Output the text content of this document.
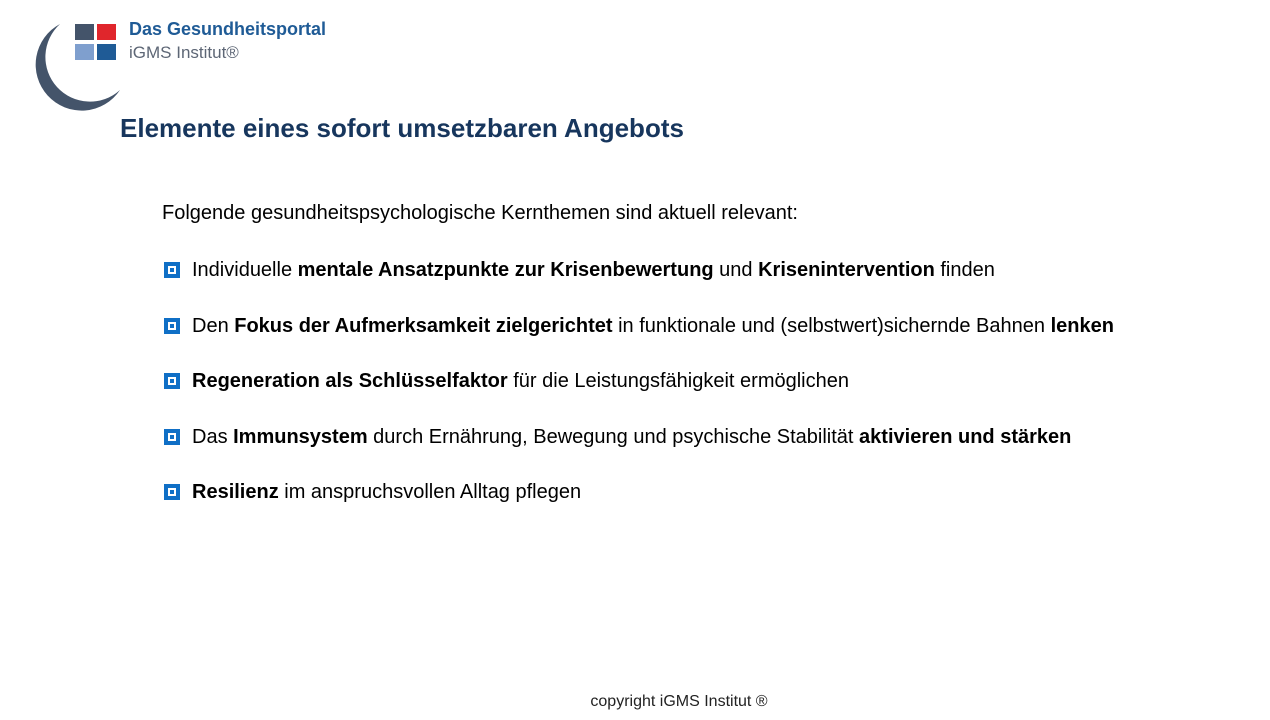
Das Gesundheitsportal
iGMS Institut®
Elemente eines sofort umsetzbaren Angebots
Folgende gesundheitspsychologische Kernthemen sind aktuell relevant:
Individuelle mentale Ansatzpunkte zur Krisenbewertung und Krisenintervention finden
Den Fokus der Aufmerksamkeit zielgerichtet in funktionale und (selbstwert)sichernde Bahnen lenken
Regeneration als Schlüsselfaktor für die Leistungsfähigkeit ermöglichen
Das Immunsystem durch Ernährung, Bewegung und psychische Stabilität aktivieren und stärken
Resilienz im anspruchsvollen Alltag pflegen
copyright iGMS Institut ®
